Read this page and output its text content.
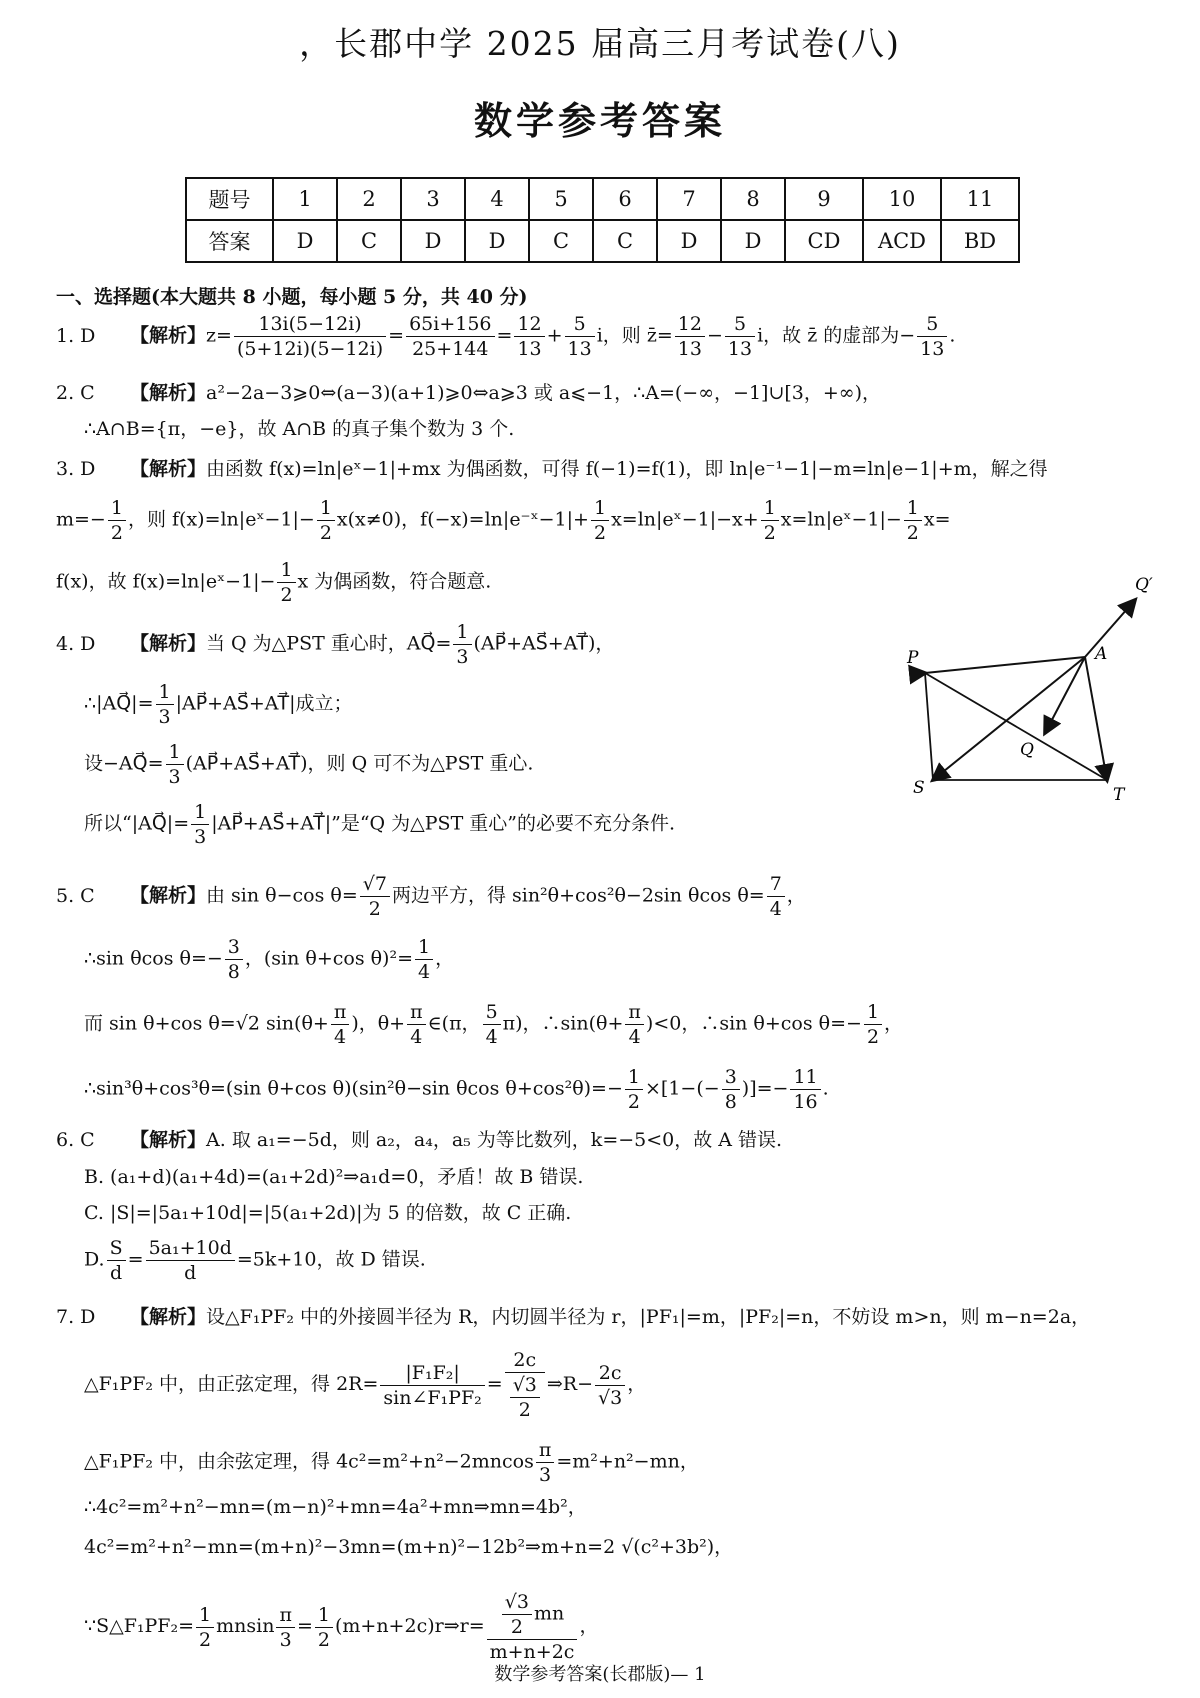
，长郡中学 2025 届高三月考试卷(八)
数学参考答案
题号	1	2	3	4	5	6	7	8	9	10	11
答案	D	C	D	D	C	C	D	D	CD	ACD	BD
一、选择题(本大题共 8 小题，每小题 5 分，共 40 分)
1. D 【解析】$z= \frac{13i(5-12i)}{(5+12i)(5-12i)} = \frac{65i+156}{25+144} = \frac{12}{13} + \frac{5}{13}$ i，则 z̄= $\frac{12}{13} - \frac{5}{13}$ i，故 z̄ 的虚部为− $\frac{5}{13}$ .
2. C 【解析】a²−2a−3⩾0⇔(a−3)(a+1)⩾0⇔a⩾3 或 a⩽−1，∴A=(−∞，−1]∪[3，+∞)，
∴A∩B={π，−e}，故 A∩B 的真子集个数为 3 个.
3. D 【解析】由函数 f(x)=ln|eˣ−1|+mx 为偶函数，可得 f(−1)=f(1)，即 ln|e⁻¹−1|−m=ln|e−1|+m，解之得
$m=- \frac{1}{2}$ ，则 f(x)=ln|eˣ−1|− $\frac{1}{2} x(x\ne 0)$，f(−x)=ln|e⁻ˣ−1|+ $\frac{1}{2}$ x=ln|eˣ−1|−x+ $\frac{1}{2}$ x=ln|eˣ−1|− $\frac{1}{2} x=$
f(x)，故 f(x)=ln|eˣ−1|− $\frac{1}{2}$ x 为偶函数，符合题意.
4. D 【解析】当 Q 为△PST 重心时，AQ⃗= $\frac{1}{3}$ (AP⃗+AS⃗+AT⃗)，
∴|AQ⃗|= $\frac{1}{3}$ |AP⃗+AS⃗+AT⃗|成立；
设−AQ⃗= $\frac{1}{3}$ (AP⃗+AS⃗+AT⃗)，则 Q 可不为△PST 重心.
所以“|AQ⃗|= $\frac{1}{3}$ |AP⃗+AS⃗+AT⃗|”是“Q 为△PST 重心”的必要不充分条件.
P	A
Q
Q′
S	T
5. C 【解析】由 sin θ−cos $\theta= \frac{√7}{2}$ 两边平方，得 sin²θ+cos²θ−2sin θcos $\theta= \frac{7}{4}$ ，
∴sin θcos $\theta=- \frac{3}{8}$ ，(sin θ+cos $\theta)^2= \frac{1}{4}$ ，
而 sin θ+cos θ=√2 $\sin(\theta+ \frac{\pi}{4}$ )，$\theta+ \frac{\pi}{4}$ ∈(π， $\frac{5}{4} \pi$)，∴sin(θ+ $\frac{\pi}{4} )<0$，∴sin θ+cos $\theta=- \frac{1}{2}$ ，
∴sin³θ+cos³θ=(sin θ+cos θ)(sin²θ−sin θcos $\theta+\cos^2\theta)=- \frac{1}{2} \times[1-(- \frac{3}{8}$ )]=− $\frac{11}{16}$ .
6. C 【解析】A. 取 a₁=−5d，则 a₂，a₄，a₅ 为等比数列，k=−5<0，故 A 错误.
B. (a₁+d)(a₁+4d)=(a₁+2d)²⇒a₁d=0，矛盾！故 B 错误.
C. |S|=|5a₁+10d|=|5(a₁+2d)|为 5 的倍数，故 C 正确.
D. $\frac{S}{d} = \frac{\text{5a₁+10d}}{d} =5k+10$，故 D 错误.
7. D 【解析】设△F₁PF₂ 中的外接圆半径为 R，内切圆半径为 r，|PF₁|=m，|PF₂|=n，不妨设 m>n，则 m−n=2a，
△F₁PF₂ 中，由正弦定理，得 $2R= \frac{\text{|F₁F₂|}}{\text{sin∠F₁PF₂}} = \frac{2c}{\frac{√3}{2}}$ ⇒R− $\frac{2c}{√3}$ ，
△F₁PF₂ 中，由余弦定理，得 $4c^2=m^2+n^2-2mncos \frac{\pi}{3} =m^2+n^2-mn$，
∴4c²=m²+n²−mn=(m−n)²+mn=4a²+mn⇒mn=4b²，
4c²=m²+n²−mn=(m+n)²−3mn=(m+n)²−12b²⇒m+n=2 √(c²+3b²)，
∵S△F₁PF₂= $\frac{1}{2}$ mnsin $\frac{\pi}{3} = \frac{1}{2}$ (m+n+2c)r⇒r= $\frac{\frac{√3}{2} mn}{m+n+2c}$ ，
数学参考答案(长郡版)— 1
